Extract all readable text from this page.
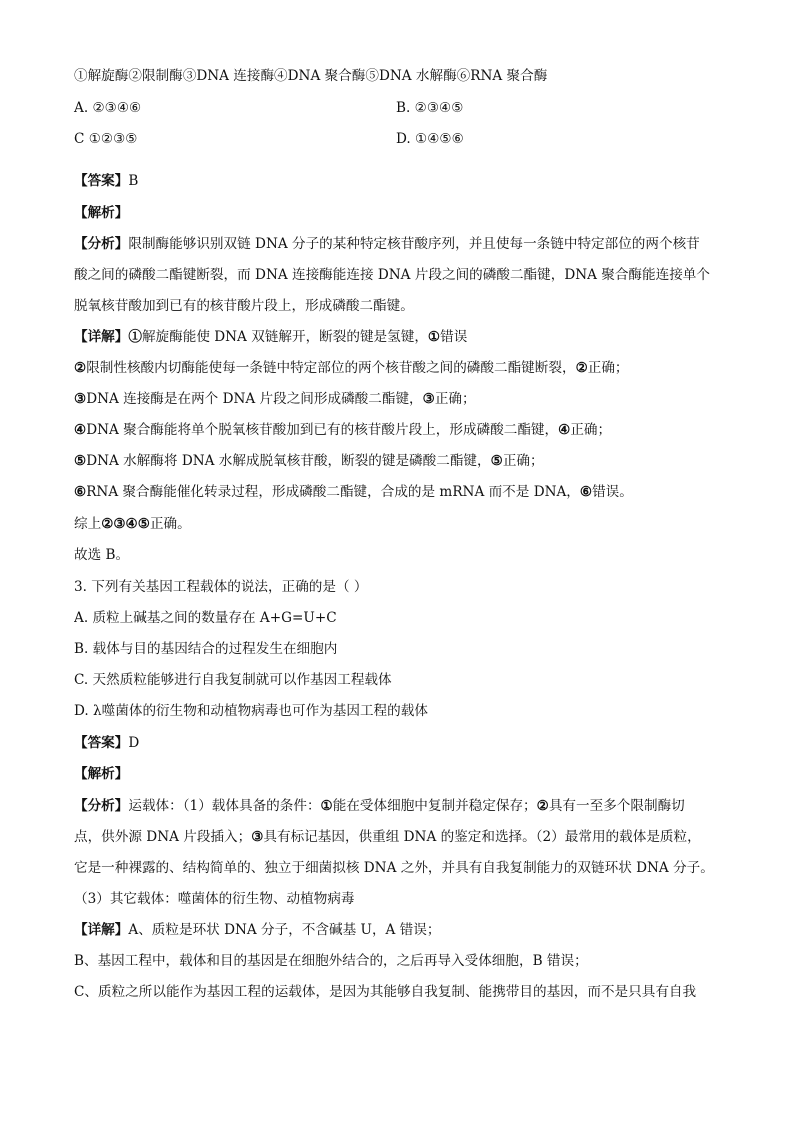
①解旋酶②限制酶③DNA 连接酶④DNA 聚合酶⑤DNA 水解酶⑥RNA 聚合酶
A. ②③④⑥	B. ②③④⑤
C ①②③⑤	D. ①④⑤⑥
【答案】B
【解析】
【分析】限制酶能够识别双链 DNA 分子的某种特定核苷酸序列，并且使每一条链中特定部位的两个核苷
酸之间的磷酸二酯键断裂，而 DNA 连接酶能连接 DNA 片段之间的磷酸二酯键，DNA 聚合酶能连接单个
脱氧核苷酸加到已有的核苷酸片段上，形成磷酸二酯键。
【详解】①解旋酶能使 DNA 双链解开，断裂的键是氢键，①错误
②限制性核酸内切酶能使每一条链中特定部位的两个核苷酸之间的磷酸二酯键断裂，②正确；
③DNA 连接酶是在两个 DNA 片段之间形成磷酸二酯键，③正确；
④DNA 聚合酶能将单个脱氧核苷酸加到已有的核苷酸片段上，形成磷酸二酯键，④正确；
⑤DNA 水解酶将 DNA 水解成脱氧核苷酸，断裂的键是磷酸二酯键，⑤正确；
⑥RNA 聚合酶能催化转录过程，形成磷酸二酯键，合成的是 mRNA 而不是 DNA，⑥错误。
综上②③④⑤正确。
故选 B。
3. 下列有关基因工程载体的说法，正确的是（ ）
A. 质粒上碱基之间的数量存在 A+G=U+C
B. 载体与目的基因结合的过程发生在细胞内
C. 天然质粒能够进行自我复制就可以作基因工程载体
D. λ噬菌体的衍生物和动植物病毒也可作为基因工程的载体
【答案】D
【解析】
【分析】运载体：（1）载体具备的条件：①能在受体细胞中复制并稳定保存；②具有一至多个限制酶切
点，供外源 DNA 片段插入；③具有标记基因，供重组 DNA 的鉴定和选择。（2）最常用的载体是质粒，
它是一种裸露的、结构简单的、独立于细菌拟核 DNA 之外，并具有自我复制能力的双链环状 DNA 分子。
（3）其它载体：噬菌体的衍生物、动植物病毒
【详解】A、质粒是环状 DNA 分子，不含碱基 U，A 错误；
B、基因工程中，载体和目的基因是在细胞外结合的，之后再导入受体细胞，B 错误；
C、质粒之所以能作为基因工程的运载体，是因为其能够自我复制、能携带目的基因，而不是只具有自我
